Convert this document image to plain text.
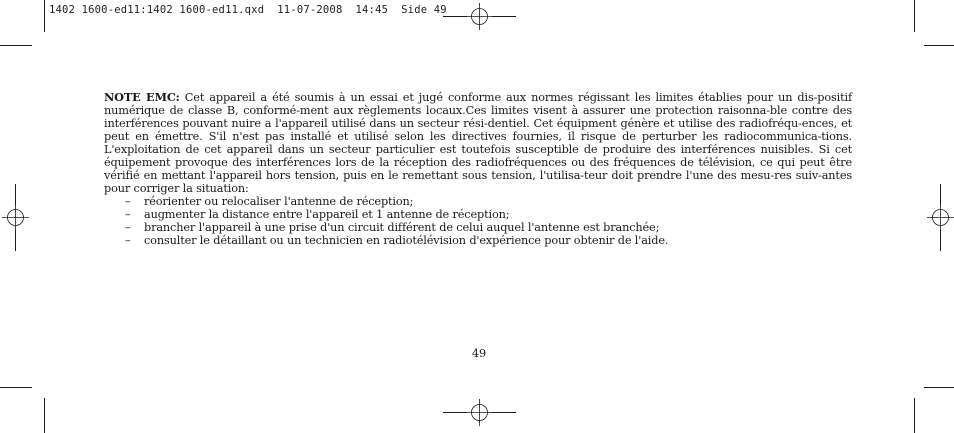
1402 1600-ed11:1402 1600-ed11.qxd  11-07-2008  14:45  Side 49

NOTE EMC: Cet appareil a été soumis à un essai et jugé conforme aux normes régissant les limites établies pour un dis-positif numérique de classe B, conformé-ment aux règlements locaux.Ces limites visent à assurer une protection raisonna-ble contre des interférences pouvant nuire a l'appareil utilisé dans un secteur rési-dentiel. Cet équipment génère et utilise des radiofréqu-ences, et peut en émettre. S'il n'est pas installé et utilisé selon les directives fournies, il risque de perturber les radiocommunica-tions. L'exploitation de cet appareil dans un secteur particulier est toutefois susceptible de produire des interférences nuisibles. Si cet équipement provoque des interférences lors de la réception des radiofréquences ou des fréquences de télévision, ce qui peut être vérifié en mettant l'appareil hors tension, puis en le remettant sous tension, l'utilisa-teur doit prendre l'une des mesu-res suiv-antes pour corriger la situation:

– réorienter ou relocaliser l'antenne de réception;
– augmenter la distance entre l'appareil et 1 antenne de réception;
– brancher l'appareil à une prise d'un circuit différent de celui auquel l'antenne est branchée;
– consulter le détaillant ou un technicien en radiotélévision d'expérience pour obtenir de l'aide.
49
